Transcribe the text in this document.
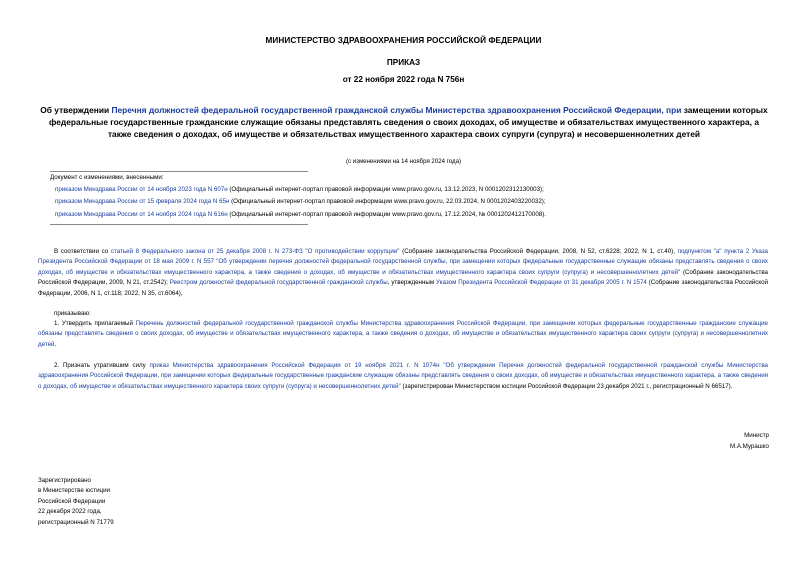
МИНИСТЕРСТВО ЗДРАВООХРАНЕНИЯ РОССИЙСКОЙ ФЕДЕРАЦИИ
ПРИКАЗ
от 22 ноября 2022 года N 756н
Об утверждении Перечня должностей федеральной государственной гражданской службы Министерства здравоохранения Российской Федерации, при замещении которых федеральные государственные гражданские служащие обязаны представлять сведения о своих доходах, об имуществе и обязательствах имущественного характера, а также сведения о доходах, об имуществе и обязательствах имущественного характера своих супруги (супруга) и несовершеннолетних детей
(с изменениями на 14 ноября 2024 года)
Документ с изменениями, внесенными:
приказом Минздрава России от 14 ноября 2023 года N 607н (Официальный интернет-портал правовой информации www.pravo.gov.ru, 13.12.2023, N 0001202312130003);
приказом Минздрава России от 15 февраля 2024 года N 65н (Официальный интернет-портал правовой информации www.pravo.gov.ru, 22.03.2024, N 0001202403220032);
приказом Минздрава России от 14 ноября 2024 года N 616н (Официальный интернет-портал правовой информации www.pravo.gov.ru, 17.12.2024, № 0001202412170008).
В соответствии со статьей 8 Федерального закона от 25 декабря 2008 г. N 273-ФЗ "О противодействии коррупции" (Собрание законодательства Российской Федерации, 2008, N 52, ст.6228; 2022, N 1, ст.40), подпунктом "а" пункта 2 Указа Президента Российской Федерации от 18 мая 2009 г. N 557 "Об утверждении перечня должностей федеральной государственной службы, при замещении которых федеральные государственные служащие обязаны представлять сведения о своих доходах, об имуществе и обязательствах имущественного характера, а также сведения о доходах, об имуществе и обязательствах имущественного характера своих супруги (супруга) и несовершеннолетних детей" (Собрание законодательства Российской Федерации, 2009, N 21, ст.2542); Реестром должностей федеральной государственной гражданской службы, утвержденным Указом Президента Российской Федерации от 31 декабря 2005 г. N 1574 (Собрание законодательства Российской Федерации, 2006, N 1, ст.118; 2022, N 35, ст.6064),
приказываю:
1. Утвердить прилагаемый Перечень должностей федеральной государственной гражданской службы Министерства здравоохранения Российской Федерации, при замещении которых федеральные государственные гражданские служащие обязаны представлять сведения о своих доходах, об имуществе и обязательствах имущественного характера, а также сведения о доходах, об имуществе и обязательствах имущественного характера своих супруги (супруга) и несовершеннолетних детей.
2. Признать утратившим силу приказ Министерства здравоохранения Российской Федерации от 19 ноября 2021 г. N 1074н "Об утверждении Перечня должностей федеральной государственной гражданской службы Министерства здравоохранения Российской Федерации, при замещении которых федеральные государственные гражданские служащие обязаны представлять сведения о своих доходах, об имуществе и обязательствах имущественного характера, а также сведения о доходах, об имуществе и обязательствах имущественного характера своих супруги (супруга) и несовершеннолетних детей" (зарегистрирован Министерством юстиции Российской Федерации 23 декабря 2021 г., регистрационный N 66517).
Министр
М.А.Мурашко
Зарегистрировано
в Министерстве юстиции
Российской Федерации
22 декабря 2022 года,
регистрационный N 71779
